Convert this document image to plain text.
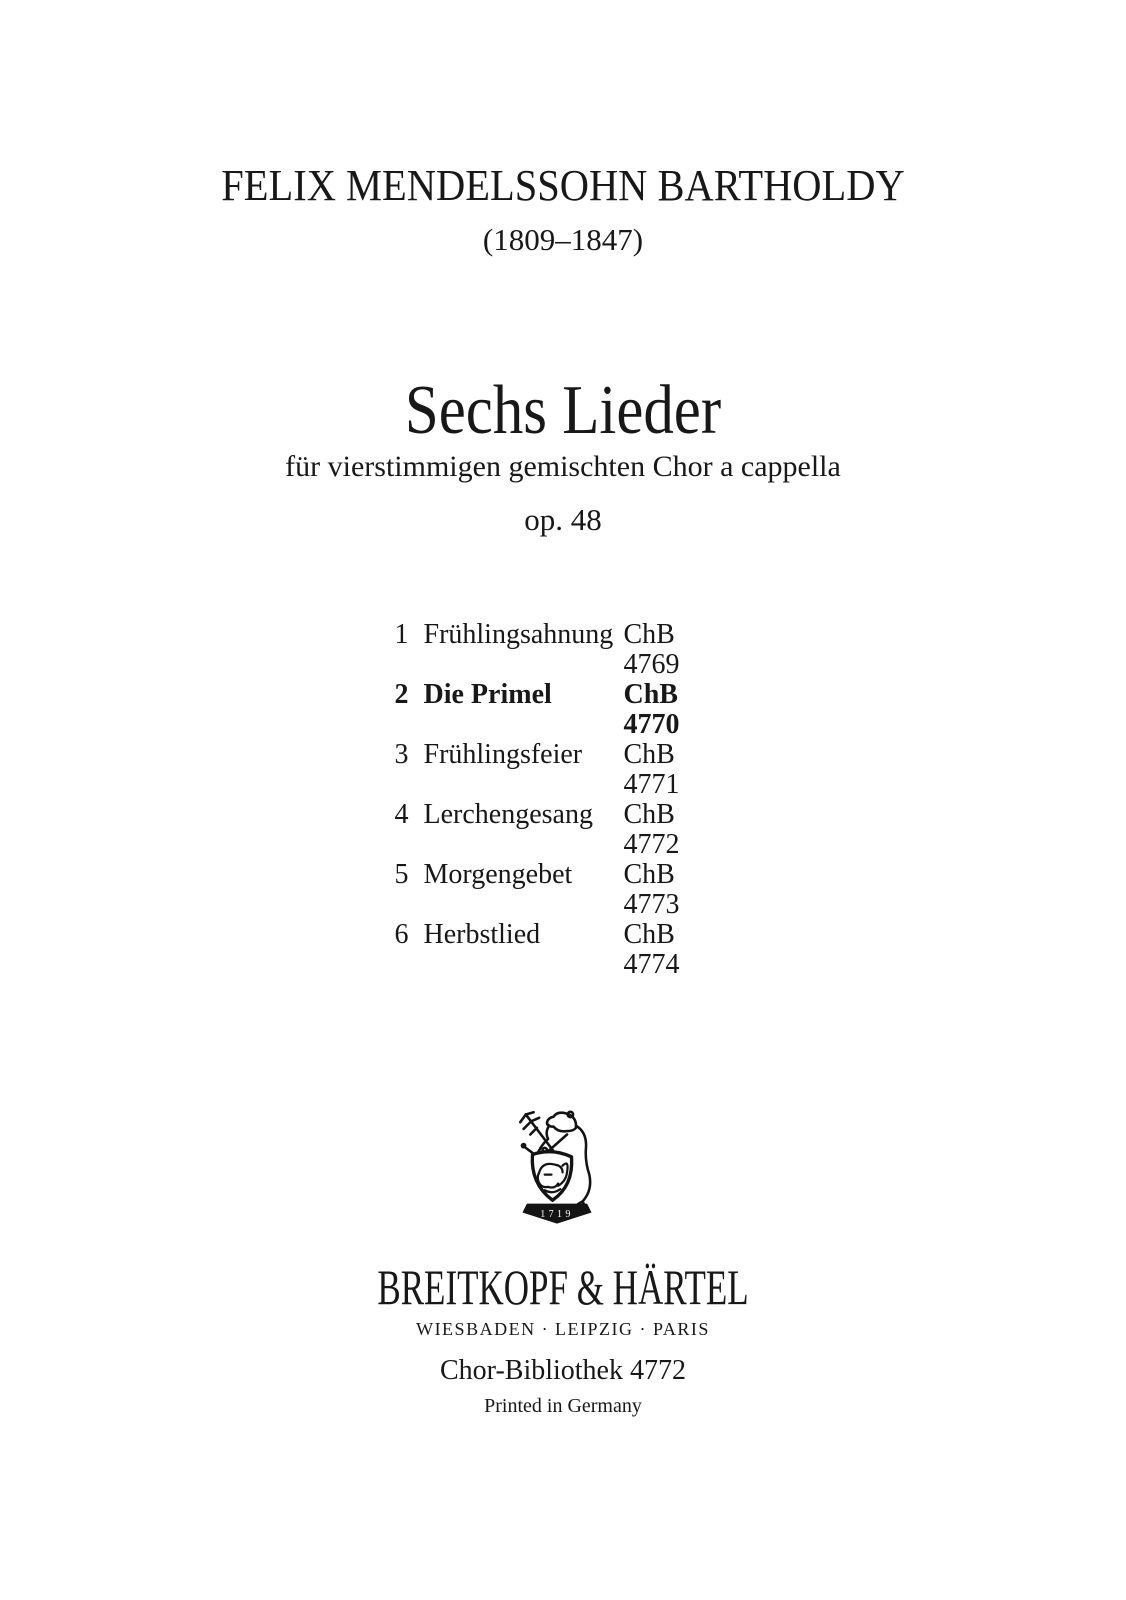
FELIX MENDELSSOHN BARTHOLDY
(1809–1847)
Sechs Lieder
für vierstimmigen gemischten Chor a cappella
op. 48
1 Frühlingsahnung ChB 4769
2 Die Primel	ChB 4770
3 Frühlingsfeier	ChB 4771
4 Lerchengesang	ChB 4772
5 Morgengebet	ChB 4773
6 Herbstlied	ChB 4774
1719
BREITKOPF & HÄRTEL
WIESBADEN · LEIPZIG · PARIS
Chor-Bibliothek 4772
Printed in Germany
